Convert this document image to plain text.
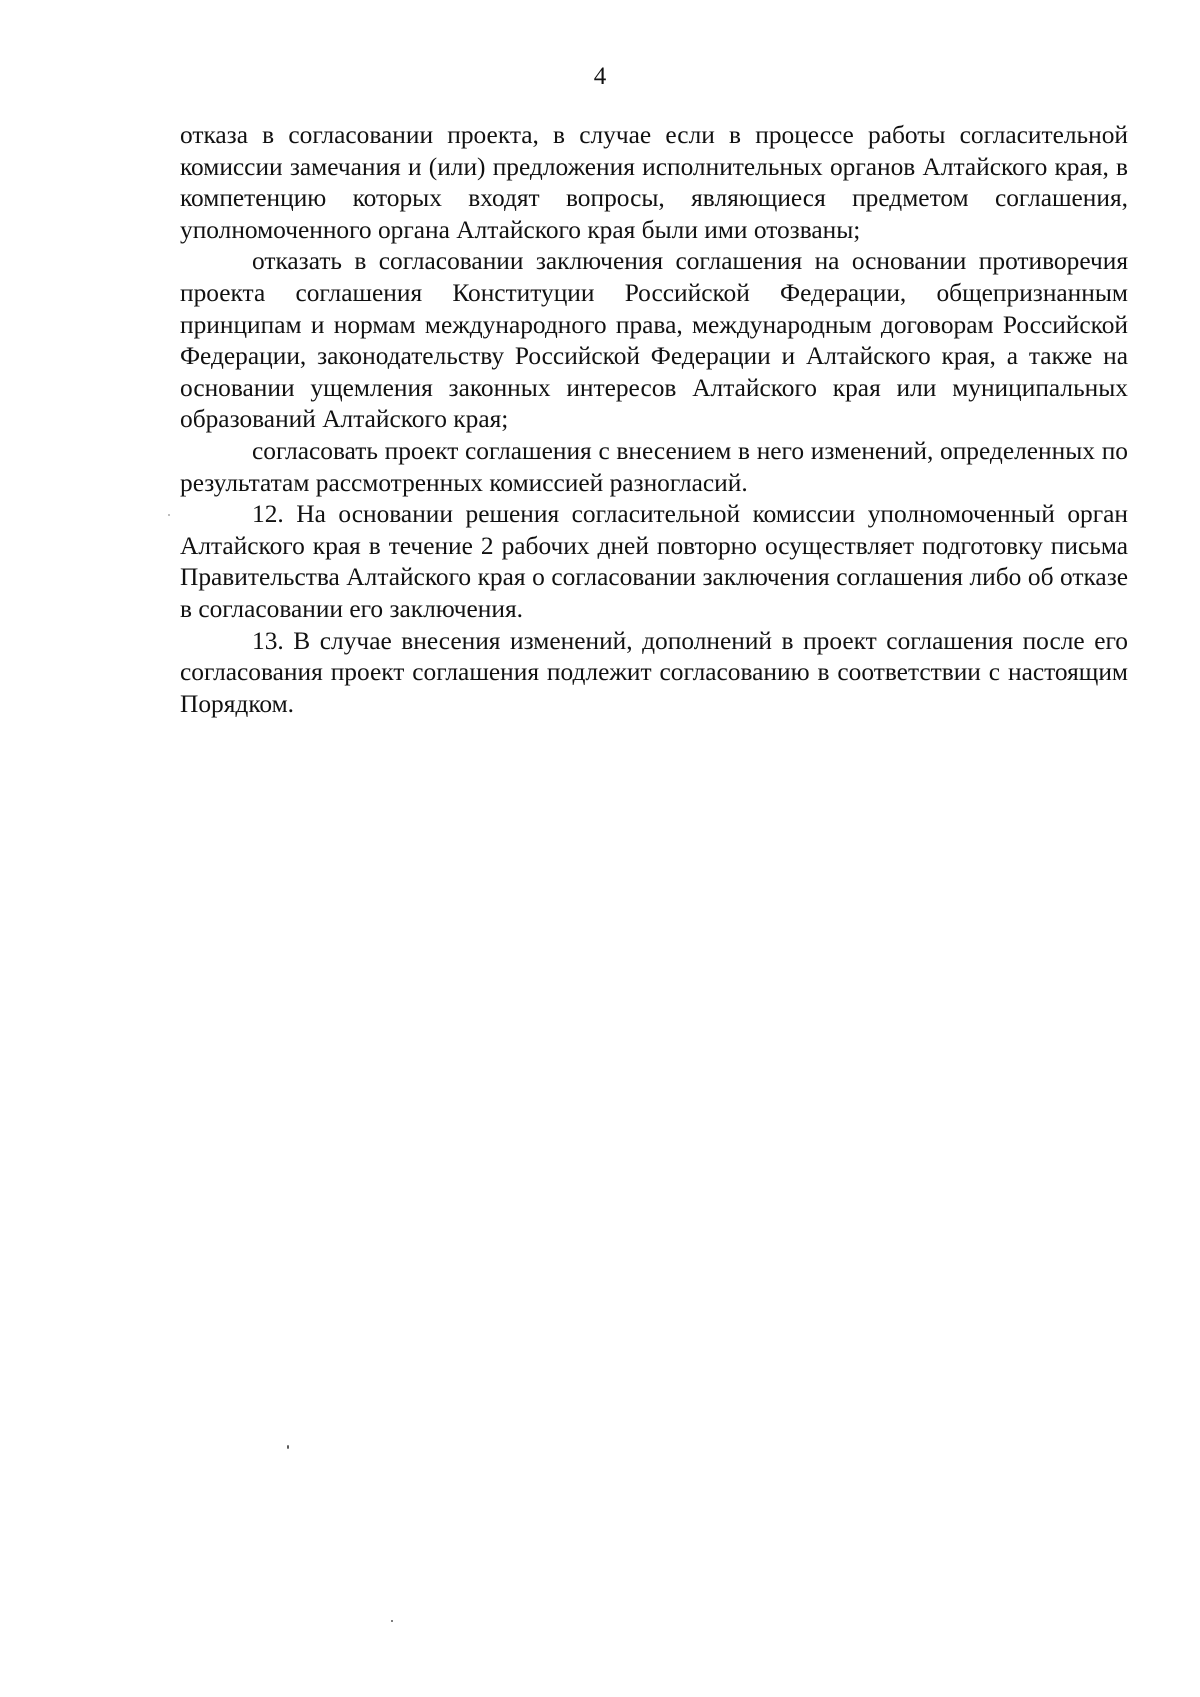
4

отказа в согласовании проекта, в случае если в процессе работы согласительной комиссии замечания и (или) предложения исполнительных органов Алтайского края, в компетенцию которых входят вопросы, являющиеся предметом соглашения, уполномоченного органа Алтайского края были ими отозваны;

отказать в согласовании заключения соглашения на основании противоречия проекта соглашения Конституции Российской Федерации, общепризнанным принципам и нормам международного права, международным договорам Российской Федерации, законодательству Российской Федерации и Алтайского края, а также на основании ущемления законных интересов Алтайского края или муниципальных образований Алтайского края;

согласовать проект соглашения с внесением в него изменений, определенных по результатам рассмотренных комиссией разногласий.

12. На основании решения согласительной комиссии уполномоченный орган Алтайского края в течение 2 рабочих дней повторно осуществляет подготовку письма Правительства Алтайского края о согласовании заключения соглашения либо об отказе в согласовании его заключения.

13. В случае внесения изменений, дополнений в проект соглашения после его согласования проект соглашения подлежит согласованию в соответствии с настоящим Порядком.
